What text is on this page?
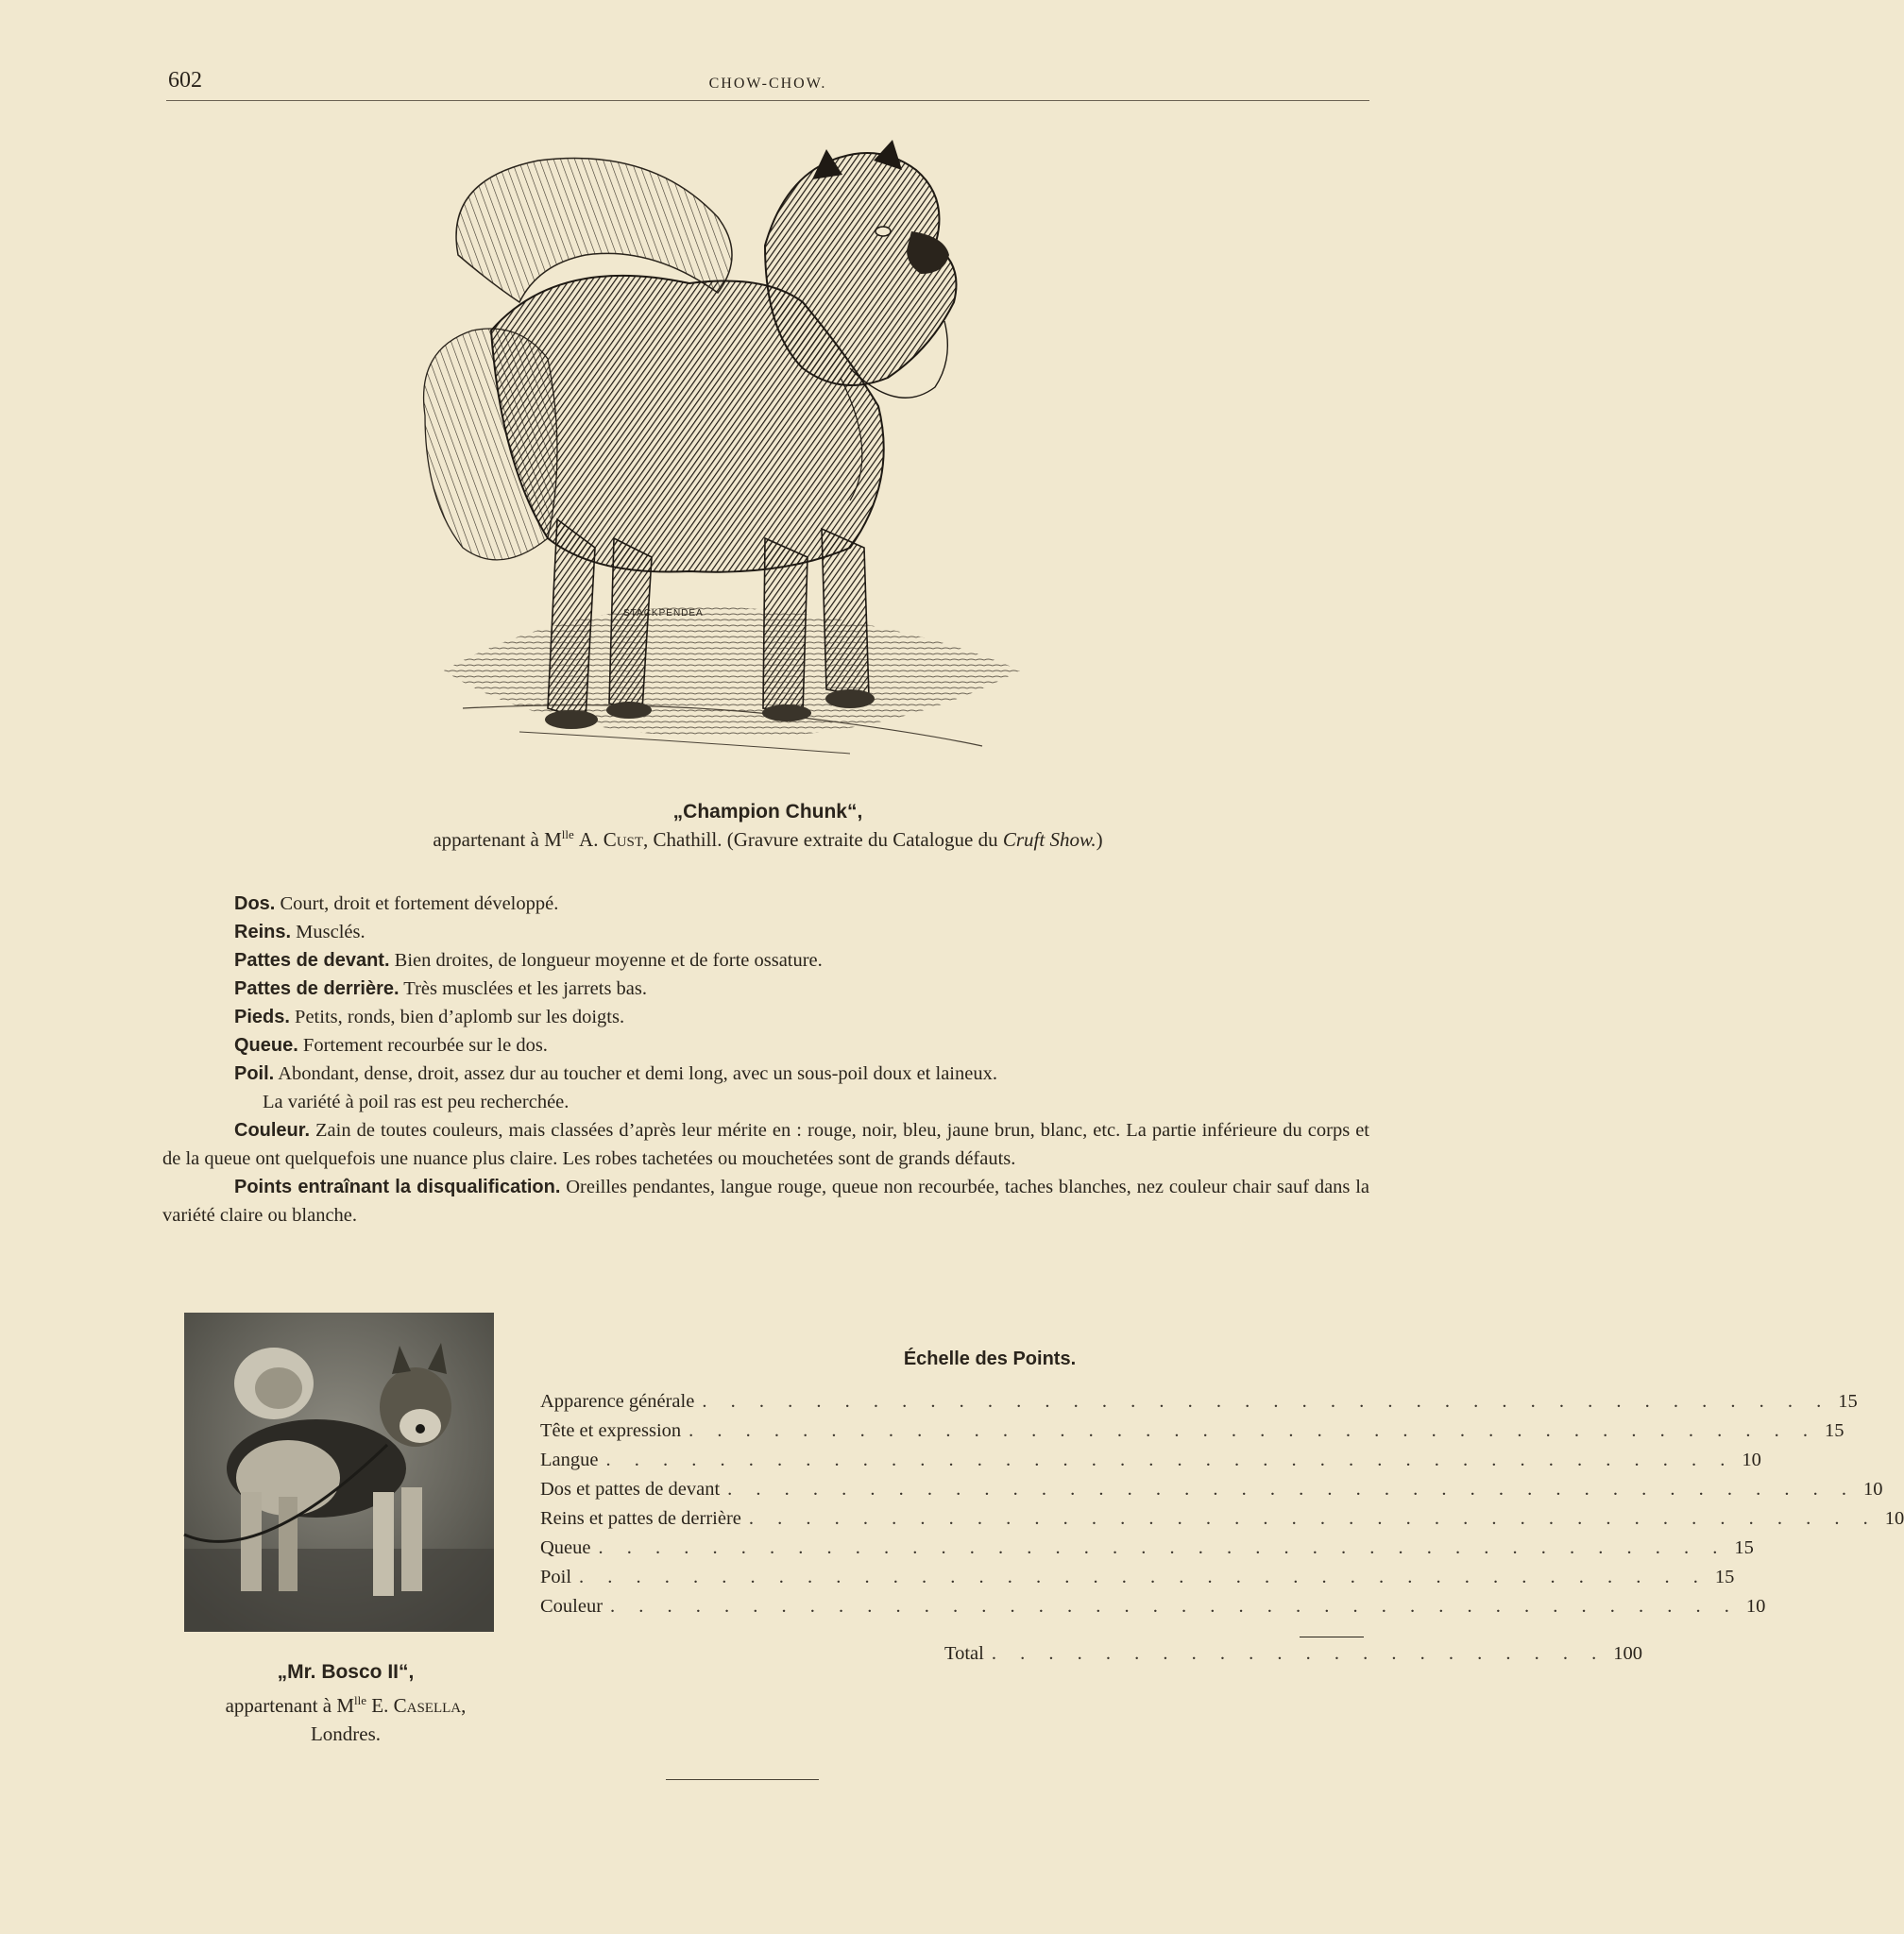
602	CHOW-CHOW.
STACKPENDEA
„Champion Chunk“,
appartenant à $M^{lle}$ A. Cust, Chathill. (Gravure extraite du Catalogue du Cruft Show.)

Dos. Court, droit et fortement développé.

Reins. Musclés.

Pattes de devant. Bien droites, de longueur moyenne et de forte ossature.

Pattes de derrière. Très musclées et les jarrets bas.

Pieds. Petits, ronds, bien d’aplomb sur les doigts.

Queue. Fortement recourbée sur le dos.

Poil. Abondant, dense, droit, assez dur au toucher et demi long, avec un sous-poil doux et laineux.

La variété à poil ras est peu recherchée.

Couleur. Zain de toutes couleurs, mais classées d’après leur mérite en : rouge, noir, bleu, jaune brun, blanc, etc. La partie inférieure du corps et de la queue ont quelquefois une nuance plus claire. Les robes tachetées ou mouchetées sont de grands défauts.

Points entraînant la disqualification. Oreilles pendantes, langue rouge, queue non recourbée, taches blanches, nez couleur chair sauf dans la variété claire ou blanche.

„Mr. Bosco II“,
appartenant à $M^{lle}$ E. Casella,
Londres.
Échelle des Points.
Apparence générale . . . . . . . . . . . . . . . . . . . . . . . . . . . . . . . . . . . . . . . . 15
Tête et expression . . . . . . . . . . . . . . . . . . . . . . . . . . . . . . . . . . . . . . . . 15
Langue . . . . . . . . . . . . . . . . . . . . . . . . . . . . . . . . . . . . . . . . 10
Dos et pattes de devant . . . . . . . . . . . . . . . . . . . . . . . . . . . . . . . . . . . . . . . . 10
Reins et pattes de derrière . . . . . . . . . . . . . . . . . . . . . . . . . . . . . . . . . . . . . . . . 10
Queue . . . . . . . . . . . . . . . . . . . . . . . . . . . . . . . . . . . . . . . . 15
Poil . . . . . . . . . . . . . . . . . . . . . . . . . . . . . . . . . . . . . . . . 15
Couleur . . . . . . . . . . . . . . . . . . . . . . . . . . . . . . . . . . . . . . . . 10
Total . . . . . . . . . . . . . . . . . . . . . . 100
